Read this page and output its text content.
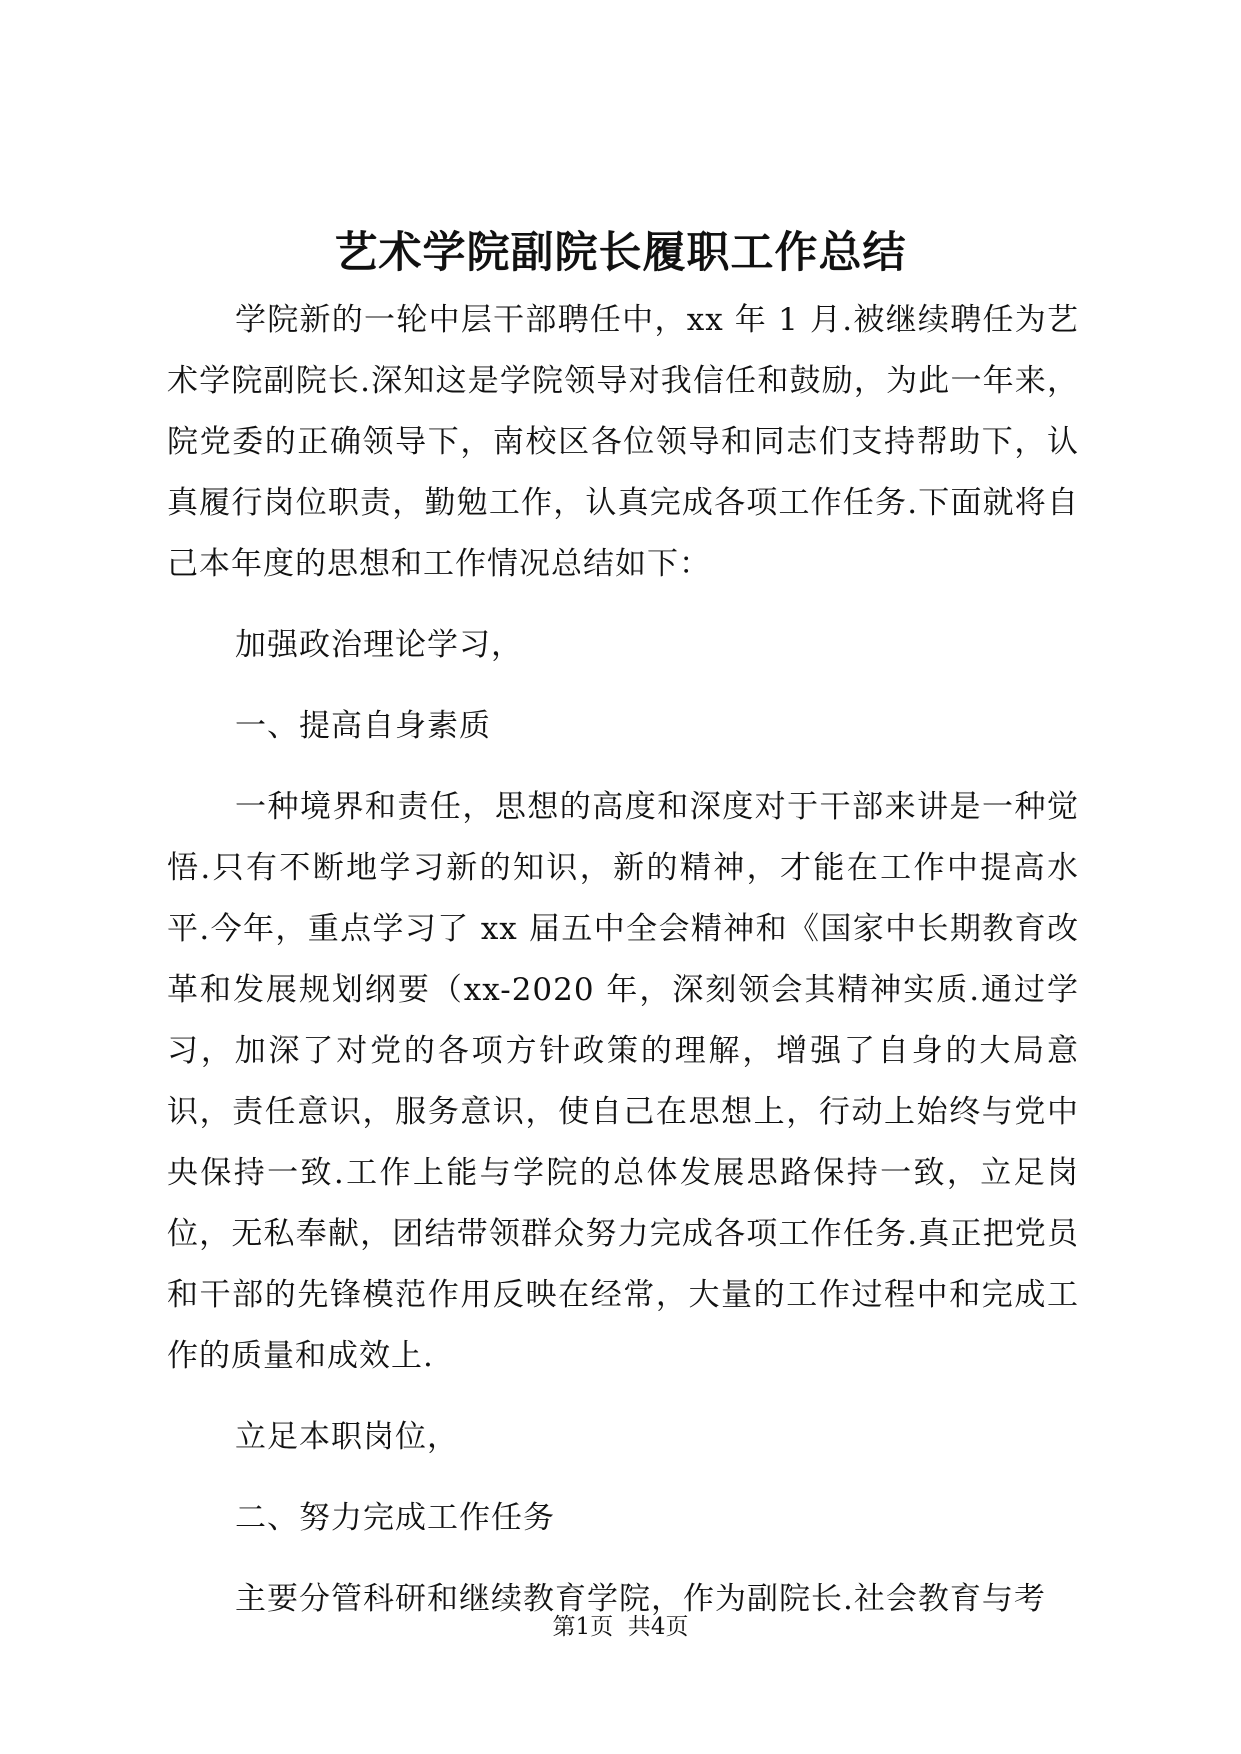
艺术学院副院长履职工作总结

学院新的一轮中层干部聘任中，xx 年 1 月.被继续聘任为艺术学院副院长.深知这是学院领导对我信任和鼓励，为此一年来，院党委的正确领导下，南校区各位领导和同志们支持帮助下，认真履行岗位职责，勤勉工作，认真完成各项工作任务.下面就将自己本年度的思想和工作情况总结如下：

加强政治理论学习，

一、提高自身素质

一种境界和责任，思想的高度和深度对于干部来讲是一种觉悟.只有不断地学习新的知识，新的精神，才能在工作中提高水平.今年，重点学习了 xx 届五中全会精神和《国家中长期教育改革和发展规划纲要（xx-2020 年，深刻领会其精神实质.通过学习，加深了对党的各项方针政策的理解，增强了自身的大局意识，责任意识，服务意识，使自己在思想上，行动上始终与党中央保持一致.工作上能与学院的总体发展思路保持一致，立足岗位，无私奉献，团结带领群众努力完成各项工作任务.真正把党员和干部的先锋模范作用反映在经常，大量的工作过程中和完成工作的质量和成效上.

立足本职岗位，

二、努力完成工作任务

主要分管科研和继续教育学院，作为副院长.社会教育与考

第1页  共4页
